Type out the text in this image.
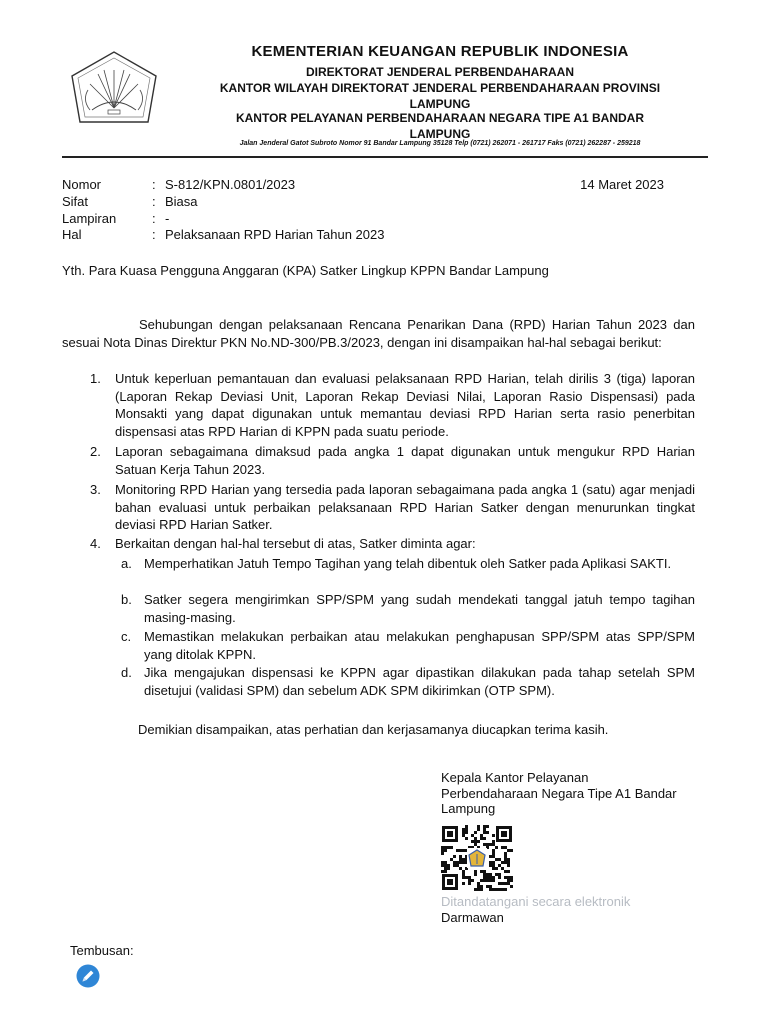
KEMENTERIAN KEUANGAN REPUBLIK INDONESIA
DIREKTORAT JENDERAL PERBENDAHARAAN
KANTOR WILAYAH DIREKTORAT JENDERAL PERBENDAHARAAN PROVINSI
LAMPUNG
KANTOR PELAYANAN PERBENDAHARAAN NEGARA TIPE A1 BANDAR
LAMPUNG
Jalan Jenderal Gatot Subroto Nomor 91 Bandar Lampung 35128 Telp (0721) 262071 - 261717 Faks (0721) 262287 - 259218
Nomor	: S-812/KPN.0801/2023	14 Maret 2023
Sifat	: Biasa
Lampiran	: -
Hal	: Pelaksanaan RPD Harian Tahun 2023
Yth. Para Kuasa Pengguna Anggaran (KPA) Satker Lingkup KPPN Bandar Lampung
Sehubungan dengan pelaksanaan Rencana Penarikan Dana (RPD) Harian Tahun 2023 dan sesuai Nota Dinas Direktur PKN No.ND-300/PB.3/2023, dengan ini disampaikan hal-hal sebagai berikut:
1. Untuk keperluan pemantauan dan evaluasi pelaksanaan RPD Harian, telah dirilis 3 (tiga) laporan (Laporan Rekap Deviasi Unit, Laporan Rekap Deviasi Nilai, Laporan Rasio Dispensasi) pada Monsakti yang dapat digunakan untuk memantau deviasi RPD Harian serta rasio penerbitan dispensasi atas RPD Harian di KPPN pada suatu periode.
2. Laporan sebagaimana dimaksud pada angka 1 dapat digunakan untuk mengukur RPD Harian Satuan Kerja Tahun 2023.
3. Monitoring RPD Harian yang tersedia pada laporan sebagaimana pada angka 1 (satu) agar menjadi bahan evaluasi untuk perbaikan pelaksanaan RPD Harian Satker dengan menurunkan tingkat deviasi RPD Harian Satker.
4. Berkaitan dengan hal-hal tersebut di atas, Satker diminta agar:
a. Memperhatikan Jatuh Tempo Tagihan yang telah dibentuk oleh Satker pada Aplikasi SAKTI.
b. Satker segera mengirimkan SPP/SPM yang sudah mendekati tanggal jatuh tempo tagihan masing-masing.
c. Memastikan melakukan perbaikan atau melakukan penghapusan SPP/SPM atas SPP/SPM yang ditolak KPPN.
d. Jika mengajukan dispensasi ke KPPN agar dipastikan dilakukan pada tahap setelah SPM disetujui (validasi SPM) dan sebelum ADK SPM dikirimkan (OTP SPM).
Demikian disampaikan, atas perhatian dan kerjasamanya diucapkan terima kasih.
Kepala Kantor Pelayanan
Perbendaharaan Negara Tipe A1 Bandar
Lampung
Ditandatangani secara elektronik
Darmawan
Tembusan:
